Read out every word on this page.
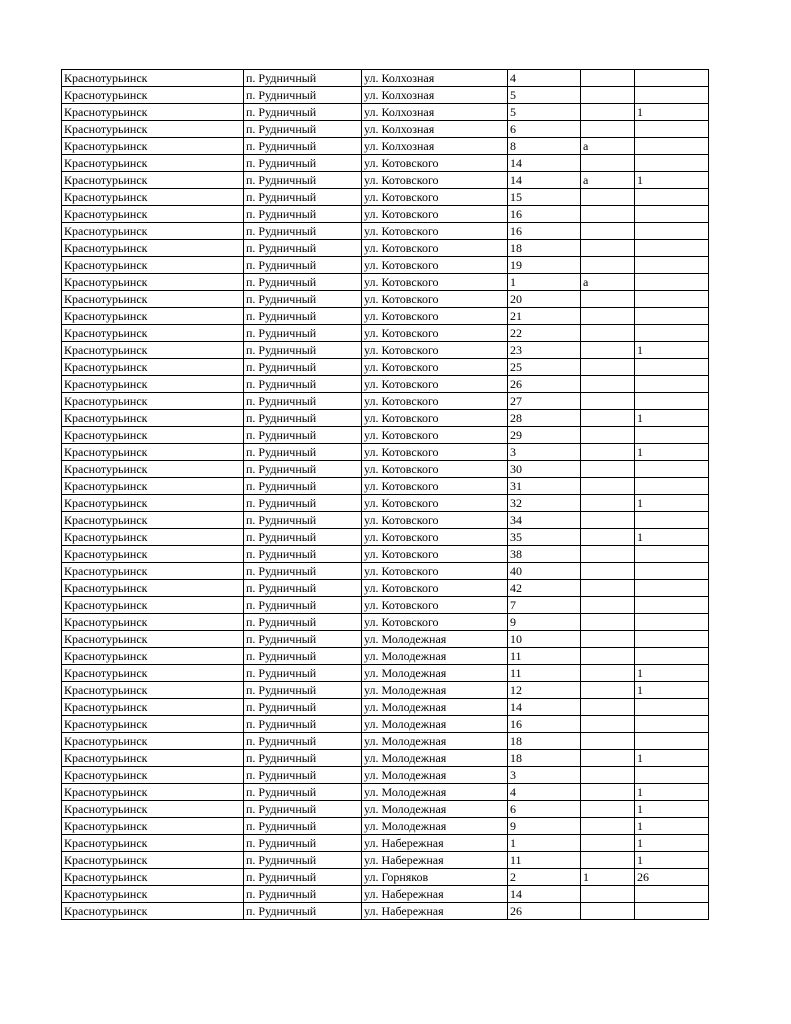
Краснотурьинск	п. Рудничный	ул. Колхозная	4		
Краснотурьинск	п. Рудничный	ул. Колхозная	5		
Краснотурьинск	п. Рудничный	ул. Колхозная	5		1
Краснотурьинск	п. Рудничный	ул. Колхозная	6		
Краснотурьинск	п. Рудничный	ул. Колхозная	8	а	
Краснотурьинск	п. Рудничный	ул. Котовского	14		
Краснотурьинск	п. Рудничный	ул. Котовского	14	а	1
Краснотурьинск	п. Рудничный	ул. Котовского	15		
Краснотурьинск	п. Рудничный	ул. Котовского	16		
Краснотурьинск	п. Рудничный	ул. Котовского	16		
Краснотурьинск	п. Рудничный	ул. Котовского	18		
Краснотурьинск	п. Рудничный	ул. Котовского	19		
Краснотурьинск	п. Рудничный	ул. Котовского	1	а	
Краснотурьинск	п. Рудничный	ул. Котовского	20		
Краснотурьинск	п. Рудничный	ул. Котовского	21		
Краснотурьинск	п. Рудничный	ул. Котовского	22		
Краснотурьинск	п. Рудничный	ул. Котовского	23		1
Краснотурьинск	п. Рудничный	ул. Котовского	25		
Краснотурьинск	п. Рудничный	ул. Котовского	26		
Краснотурьинск	п. Рудничный	ул. Котовского	27		
Краснотурьинск	п. Рудничный	ул. Котовского	28		1
Краснотурьинск	п. Рудничный	ул. Котовского	29		
Краснотурьинск	п. Рудничный	ул. Котовского	3		1
Краснотурьинск	п. Рудничный	ул. Котовского	30		
Краснотурьинск	п. Рудничный	ул. Котовского	31		
Краснотурьинск	п. Рудничный	ул. Котовского	32		1
Краснотурьинск	п. Рудничный	ул. Котовского	34		
Краснотурьинск	п. Рудничный	ул. Котовского	35		1
Краснотурьинск	п. Рудничный	ул. Котовского	38		
Краснотурьинск	п. Рудничный	ул. Котовского	40		
Краснотурьинск	п. Рудничный	ул. Котовского	42		
Краснотурьинск	п. Рудничный	ул. Котовского	7		
Краснотурьинск	п. Рудничный	ул. Котовского	9		
Краснотурьинск	п. Рудничный	ул. Молодежная	10		
Краснотурьинск	п. Рудничный	ул. Молодежная	11		
Краснотурьинск	п. Рудничный	ул. Молодежная	11		1
Краснотурьинск	п. Рудничный	ул. Молодежная	12		1
Краснотурьинск	п. Рудничный	ул. Молодежная	14		
Краснотурьинск	п. Рудничный	ул. Молодежная	16		
Краснотурьинск	п. Рудничный	ул. Молодежная	18		
Краснотурьинск	п. Рудничный	ул. Молодежная	18		1
Краснотурьинск	п. Рудничный	ул. Молодежная	3		
Краснотурьинск	п. Рудничный	ул. Молодежная	4		1
Краснотурьинск	п. Рудничный	ул. Молодежная	6		1
Краснотурьинск	п. Рудничный	ул. Молодежная	9		1
Краснотурьинск	п. Рудничный	ул. Набережная	1		1
Краснотурьинск	п. Рудничный	ул. Набережная	11		1
Краснотурьинск	п. Рудничный	ул. Горняков	2	1	26
Краснотурьинск	п. Рудничный	ул. Набережная	14		
Краснотурьинск	п. Рудничный	ул. Набережная	26		
